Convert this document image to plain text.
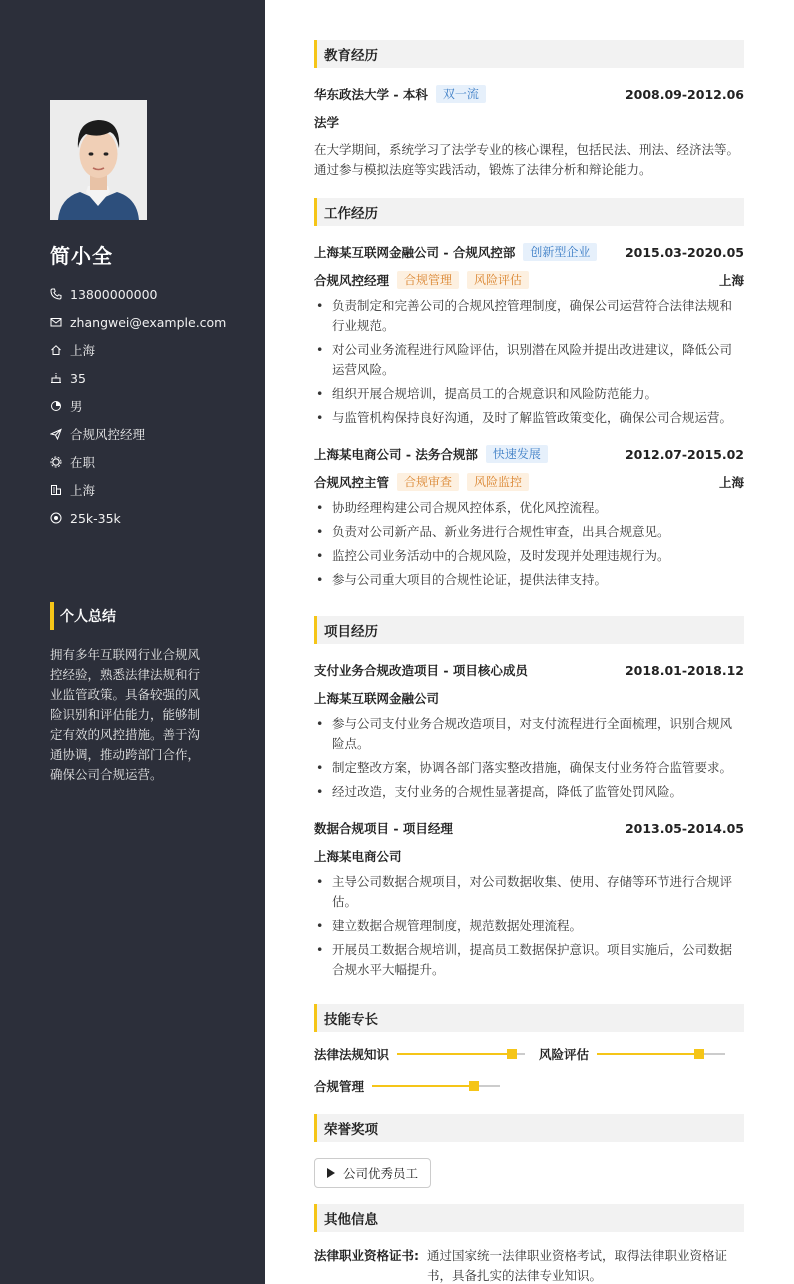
简小全
13800000000
zhangwei@example.com
上海
35
男
合规风控经理
在职
上海
25k-35k
个人总结
拥有多年互联网行业合规风控经验，熟悉法律法规和行业监管政策。具备较强的风险识别和评估能力，能够制定有效的风控措施。善于沟通协调，推动跨部门合作，确保公司合规运营。
教育经历
华东政法大学 - 本科	双一流	2008.09-2012.06
法学
在大学期间，系统学习了法学专业的核心课程，包括民法、刑法、经济法等。通过参与模拟法庭等实践活动，锻炼了法律分析和辩论能力。
工作经历
上海某互联网金融公司 - 合规风控部	创新型企业	2015.03-2020.05
合规风控经理	合规管理	风险评估	上海
• 负责制定和完善公司的合规风控管理制度，确保公司运营符合法律法规和行业规范。
• 对公司业务流程进行风险评估，识别潜在风险并提出改进建议，降低公司运营风险。
• 组织开展合规培训，提高员工的合规意识和风险防范能力。
• 与监管机构保持良好沟通，及时了解监管政策变化，确保公司合规运营。
上海某电商公司 - 法务合规部	快速发展	2012.07-2015.02
合规风控主管	合规审查	风险监控	上海
• 协助经理构建公司合规风控体系，优化风控流程。
• 负责对公司新产品、新业务进行合规性审查，出具合规意见。
• 监控公司业务活动中的合规风险，及时发现并处理违规行为。
• 参与公司重大项目的合规性论证，提供法律支持。
项目经历
支付业务合规改造项目 - 项目核心成员	2018.01-2018.12
上海某互联网金融公司
• 参与公司支付业务合规改造项目，对支付流程进行全面梳理，识别合规风险点。
• 制定整改方案，协调各部门落实整改措施，确保支付业务符合监管要求。
• 经过改造，支付业务的合规性显著提高，降低了监管处罚风险。
数据合规项目 - 项目经理	2013.05-2014.05
上海某电商公司
• 主导公司数据合规项目，对公司数据收集、使用、存储等环节进行合规评估。
• 建立数据合规管理制度，规范数据处理流程。
• 开展员工数据合规培训，提高员工数据保护意识。项目实施后，公司数据合规水平大幅提升。
技能专长
法律法规知识	风险评估
合规管理
荣誉奖项
公司优秀员工
其他信息
法律职业资格证书: 通过国家统一法律职业资格考试，取得法律职业资格证书，具备扎实的法律专业知识。
